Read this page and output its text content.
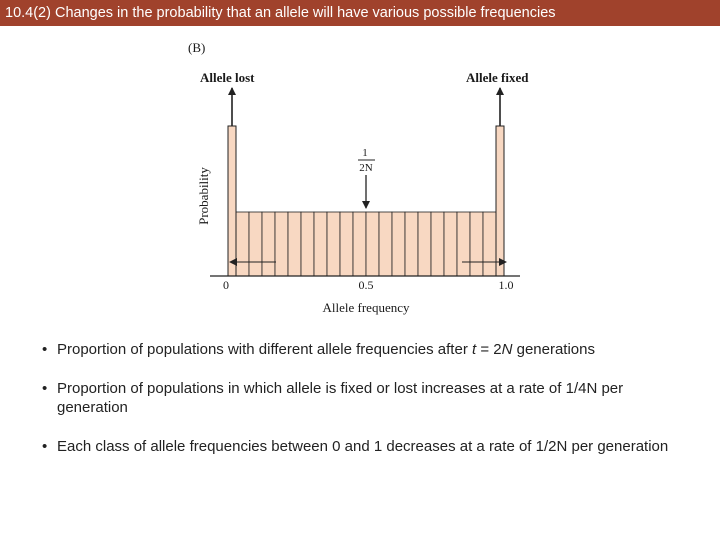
10.4(2) Changes in the probability that an allele will have various possible frequencies
(B)
Allele lost	Allele fixed
1
2N
Probability
0	0.5	1.0
Allele frequency
• Proportion of populations with different allele frequencies after t = 2N generations
• Proportion of populations in which allele is fixed or lost increases at a rate of 1/4N per generation
• Each class of allele frequencies between 0 and 1 decreases at a rate of 1/2N per generation
